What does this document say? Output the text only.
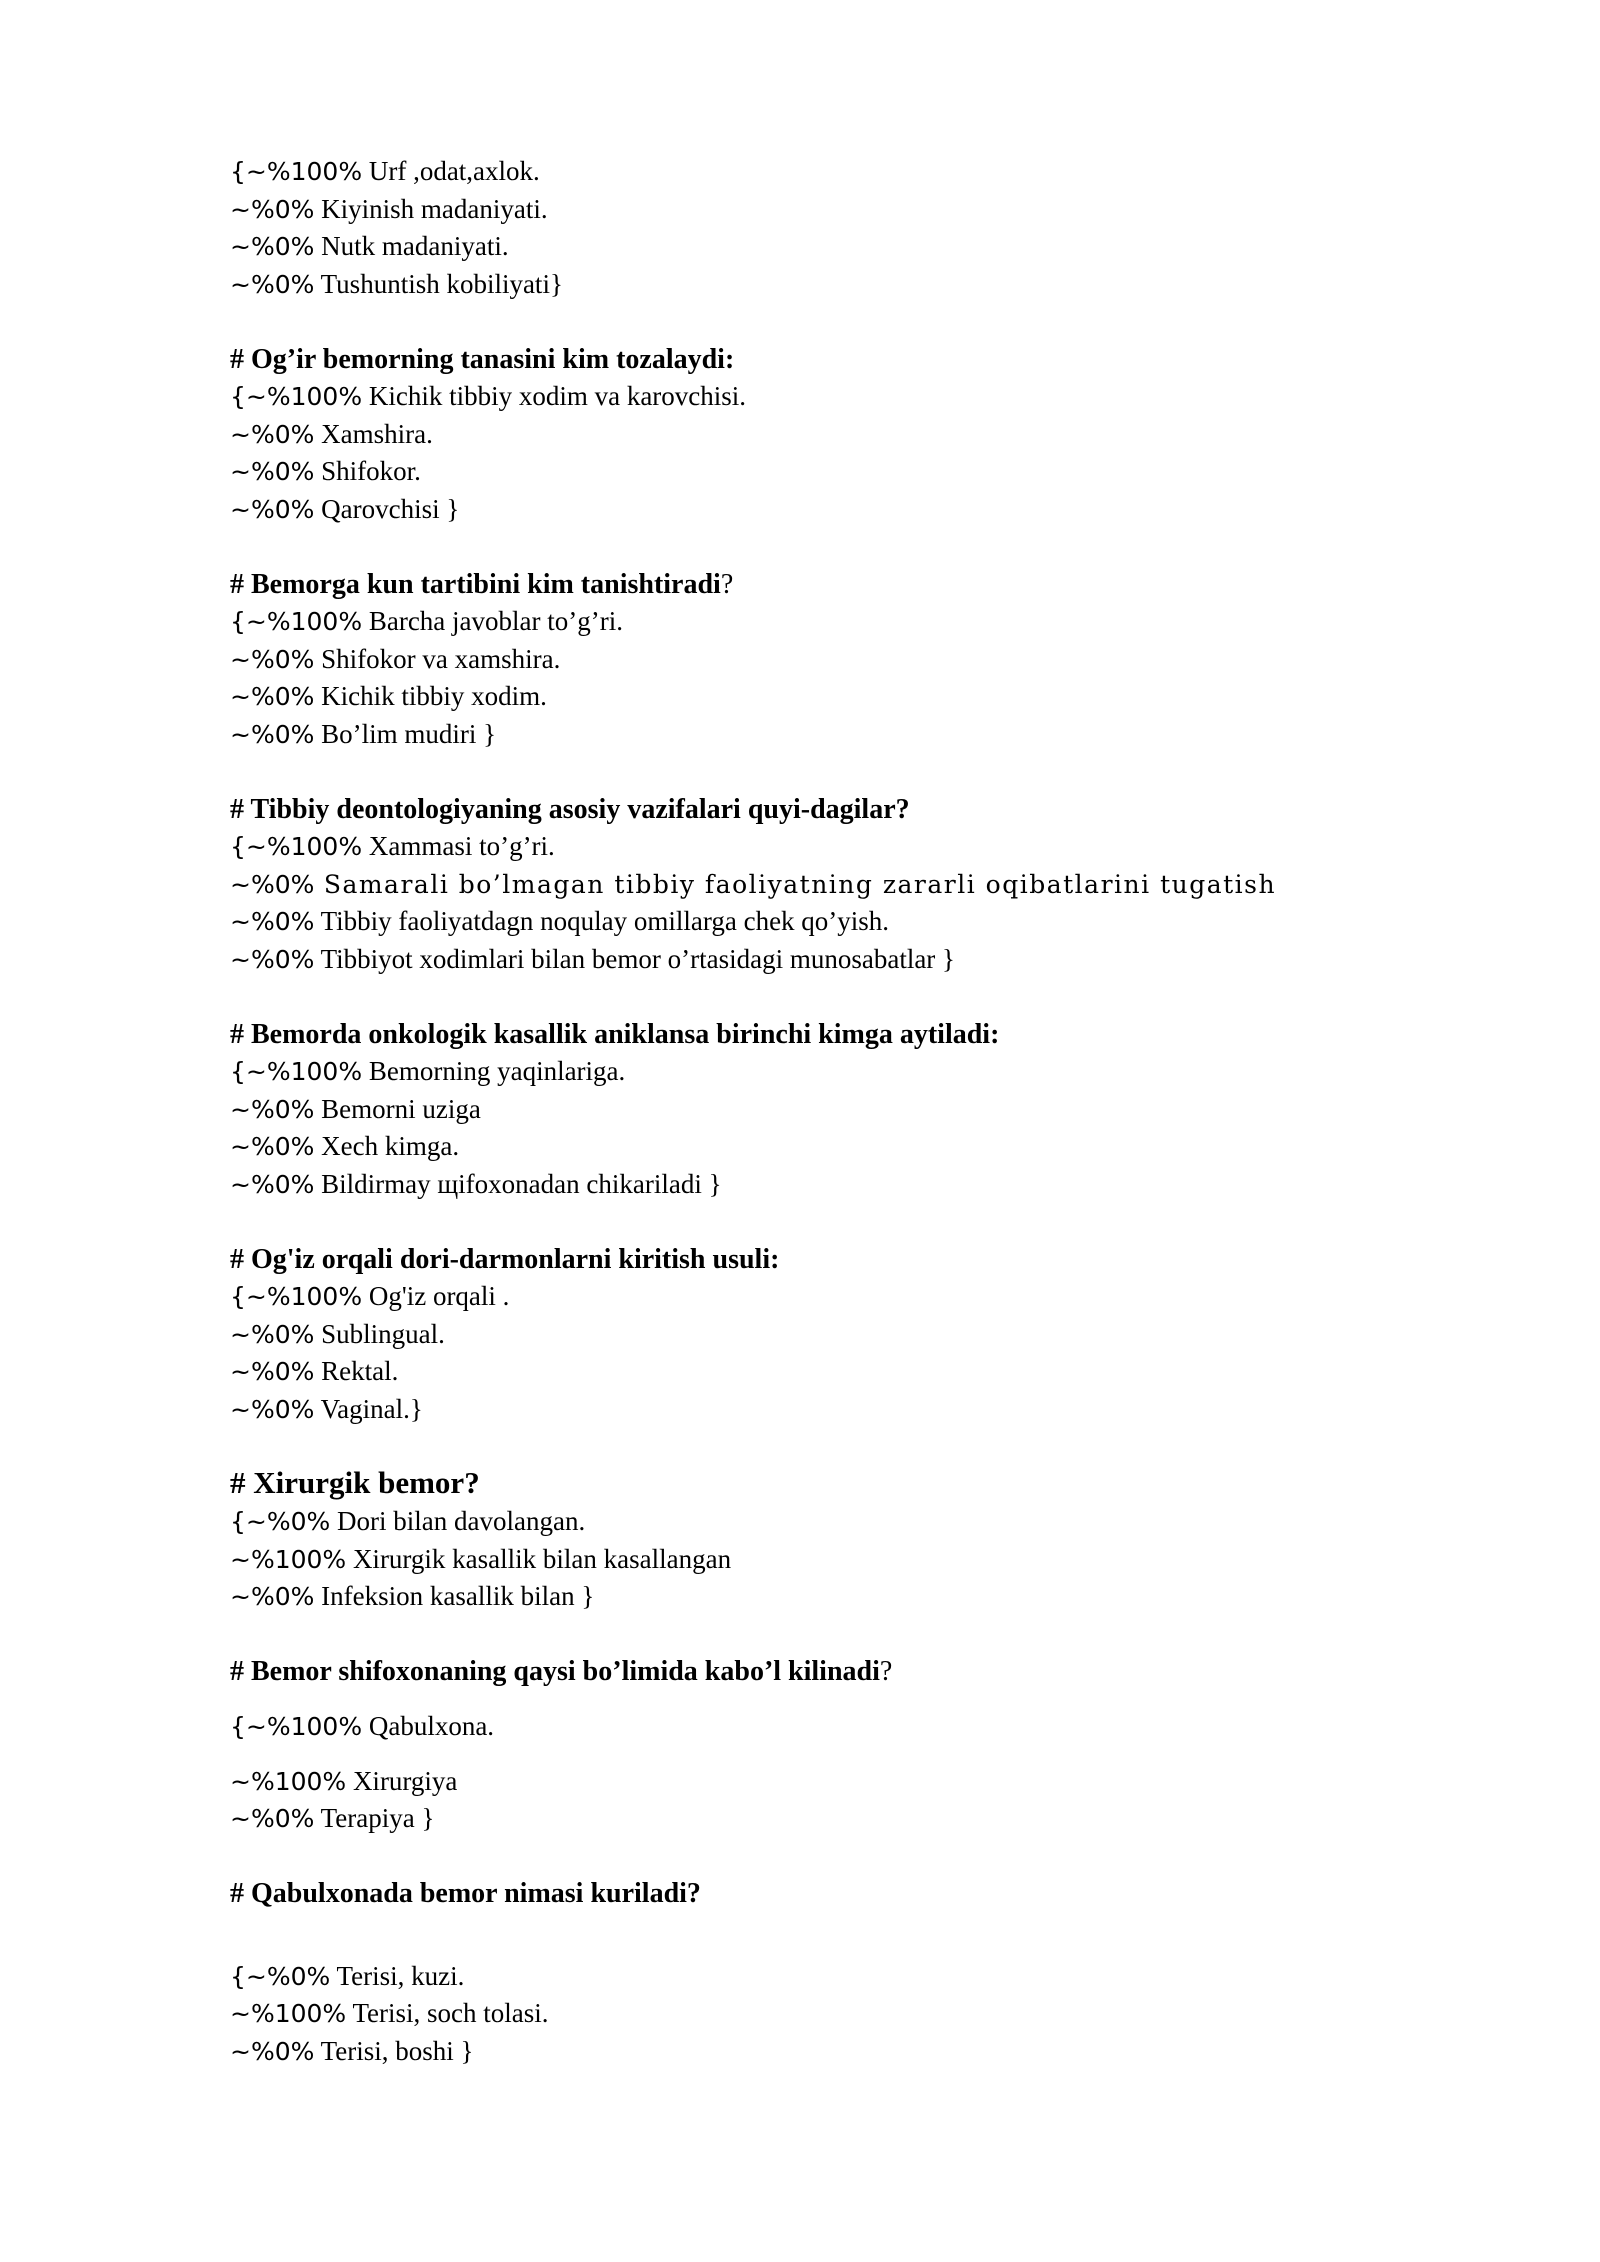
{~%100% Urf ,odat,axlok.
~%0% Kiyinish madaniyati.
~%0% Nutk madaniyati.
~%0% Tushuntish kobiliyati}
# Og’ir bemorning tanasini kim tozalaydi:
{~%100% Kichik tibbiy xodim va karovchisi.
~%0% Xamshira.
~%0% Shifokor.
~%0% Qarovchisi }
# Bemorga kun tartibini kim tanishtiradi?
{~%100% Barcha javoblar to’g’ri.
~%0% Shifokor va xamshira.
~%0% Kichik tibbiy xodim.
~%0% Bo’lim mudiri }
# Tibbiy deontologiyaning asosiy vazifalari quyi-dagilar?
{~%100% Xammasi to’g’ri.
~%0% Samarali bo’lmagan tibbiy faoliyatning zararli oqibatlarini tugatish
~%0% Tibbiy faoliyatdagn noqulay omillarga chek qo’yish.
~%0% Tibbiyot xodimlari bilan bemor o’rtasidagi munosabatlar }
# Bemorda onkologik kasallik aniklansa birinchi kimga aytiladi:
{~%100% Bemorning yaqinlariga.
~%0% Bemorni uziga
~%0% Xech kimga.
~%0% Bildirmay щifoxonadan chikariladi }
# Og'iz orqali dori-darmonlarni kiritish usuli:
{~%100% Og'iz orqali .
~%0% Sublingual.
~%0% Rektal.
~%0% Vaginal.}
# Xirurgik bemor?
{~%0% Dori bilan davolangan.
~%100% Xirurgik kasallik bilan kasallangan
~%0% Infeksion kasallik bilan }
# Bemor shifoxonaning qaysi bo’limida kabo’l kilinadi?
{~%100% Qabulxona.
~%100% Xirurgiya
~%0% Terapiya }
# Qabulxonada bemor nimasi kuriladi?
{~%0% Terisi, kuzi.
~%100% Terisi, soch tolasi.
~%0% Terisi, boshi }
